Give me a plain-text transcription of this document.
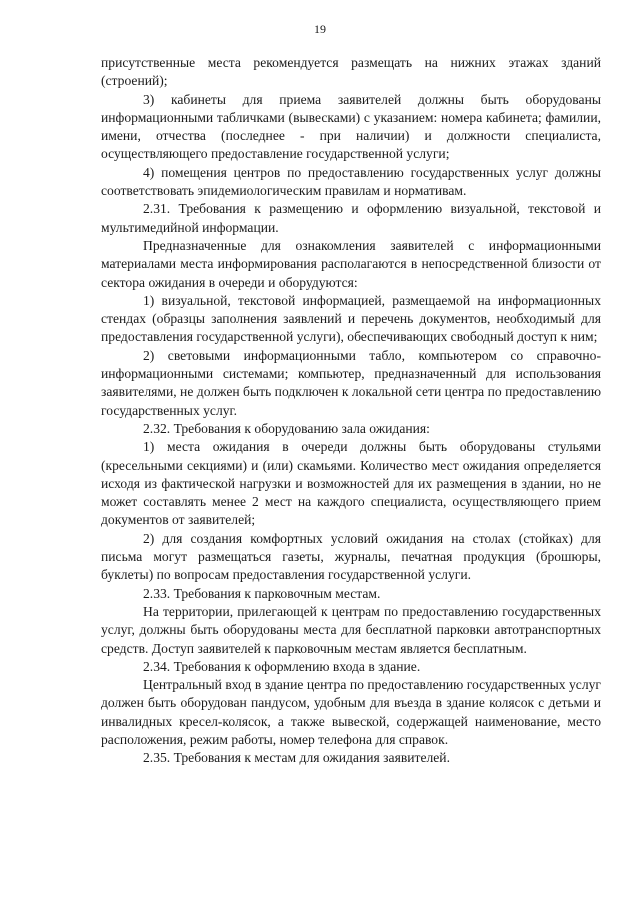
19

присутственные места рекомендуется размещать на нижних этажах зданий (строений);

3) кабинеты для приема заявителей должны быть оборудованы информационными табличками (вывесками) с указанием: номера кабинета; фамилии, имени, отчества (последнее - при наличии) и должности специалиста, осуществляющего предоставление государственной услуги;

4) помещения центров по предоставлению государственных услуг должны соответствовать эпидемиологическим правилам и нормативам.

2.31. Требования к размещению и оформлению визуальной, текстовой и мультимедийной информации.

Предназначенные для ознакомления заявителей с информационными материалами места информирования располагаются в непосредственной близости от сектора ожидания в очереди и оборудуются:

1) визуальной, текстовой информацией, размещаемой на информационных стендах (образцы заполнения заявлений и перечень документов, необходимый для предоставления государственной услуги), обеспечивающих свободный доступ к ним;

2) световыми информационными табло, компьютером со справочно-информационными системами; компьютер, предназначенный для использования заявителями, не должен быть подключен к локальной сети центра по предоставлению государственных услуг.

2.32. Требования к оборудованию зала ожидания:

1) места ожидания в очереди должны быть оборудованы стульями (кресельными секциями) и (или) скамьями. Количество мест ожидания определяется исходя из фактической нагрузки и возможностей для их размещения в здании, но не может составлять менее 2 мест на каждого специалиста, осуществляющего прием документов от заявителей;

2) для создания комфортных условий ожидания на столах (стойках) для письма могут размещаться газеты, журналы, печатная продукция (брошюры, буклеты) по вопросам предоставления государственной услуги.

2.33. Требования к парковочным местам.

На территории, прилегающей к центрам по предоставлению государственных услуг, должны быть оборудованы места для бесплатной парковки автотранспортных средств. Доступ заявителей к парковочным местам является бесплатным.

2.34. Требования к оформлению входа в здание.

Центральный вход в здание центра по предоставлению государственных услуг должен быть оборудован пандусом, удобным для въезда в здание колясок с детьми и инвалидных кресел-колясок, а также вывеской, содержащей наименование, место расположения, режим работы, номер телефона для справок.

2.35. Требования к местам для ожидания заявителей.
